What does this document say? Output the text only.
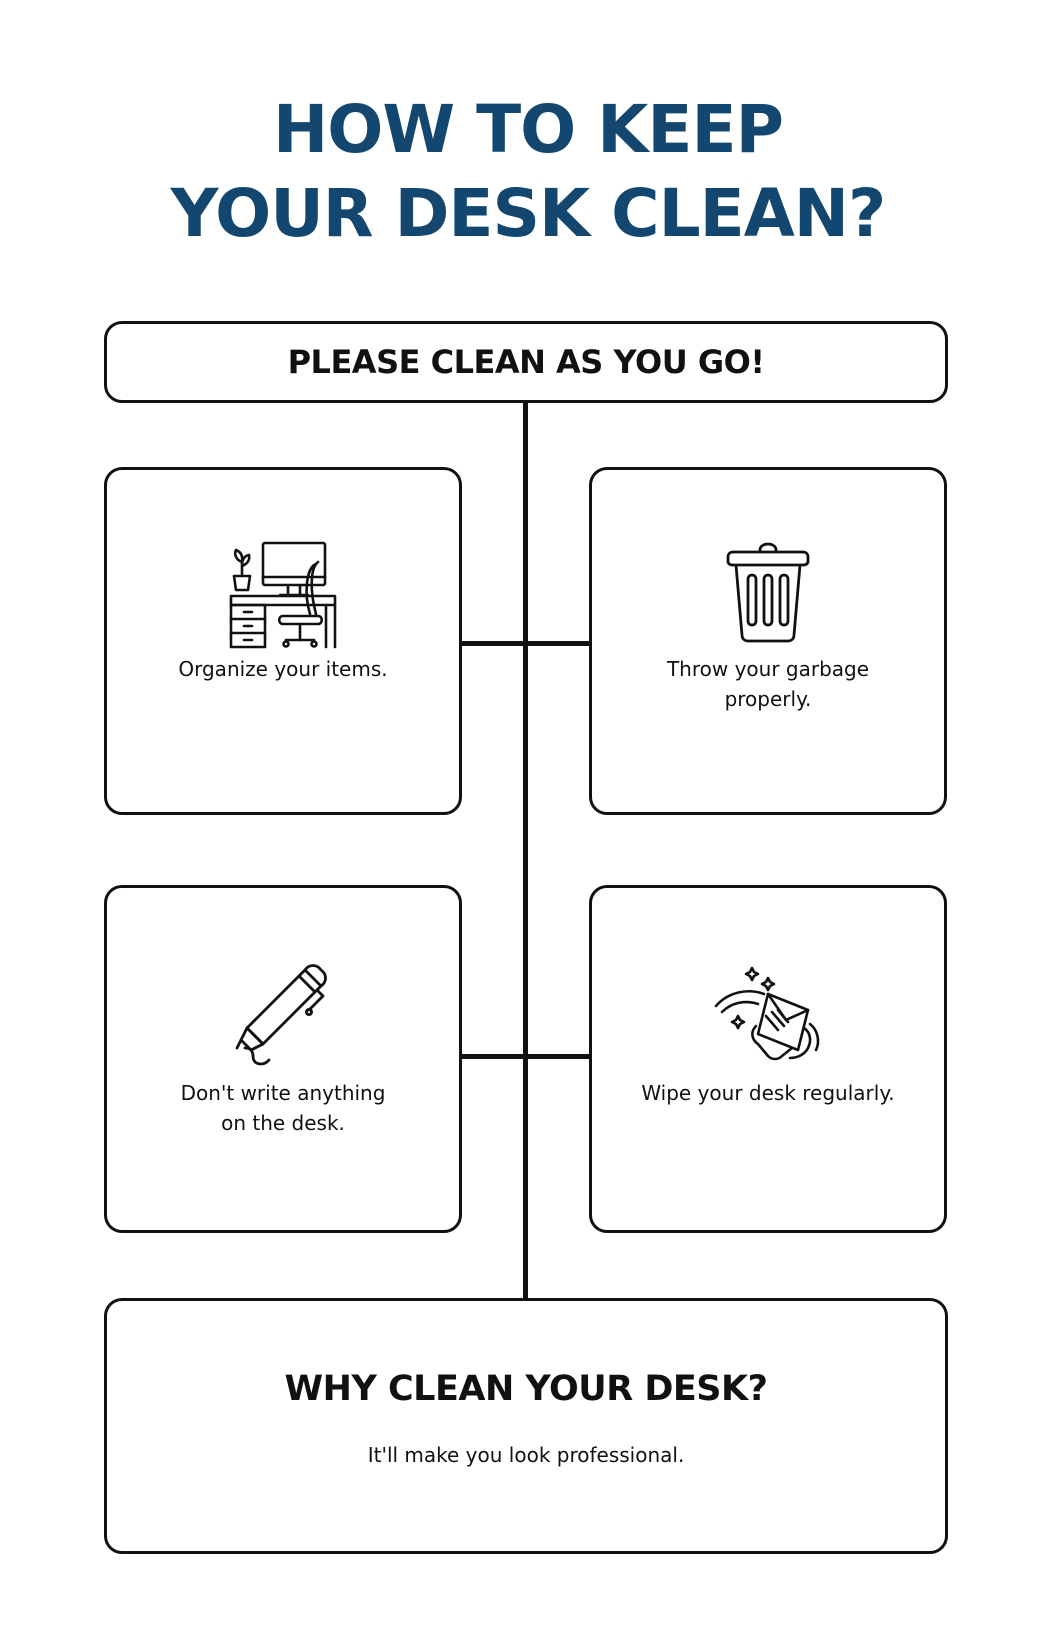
HOW TO KEEP
YOUR DESK CLEAN?
PLEASE CLEAN AS YOU GO!
Organize your items.	Throw your garbage
properly.
Don't write anything
on the desk.
Wipe your desk regularly.
WHY CLEAN YOUR DESK?
It'll make you look professional.
